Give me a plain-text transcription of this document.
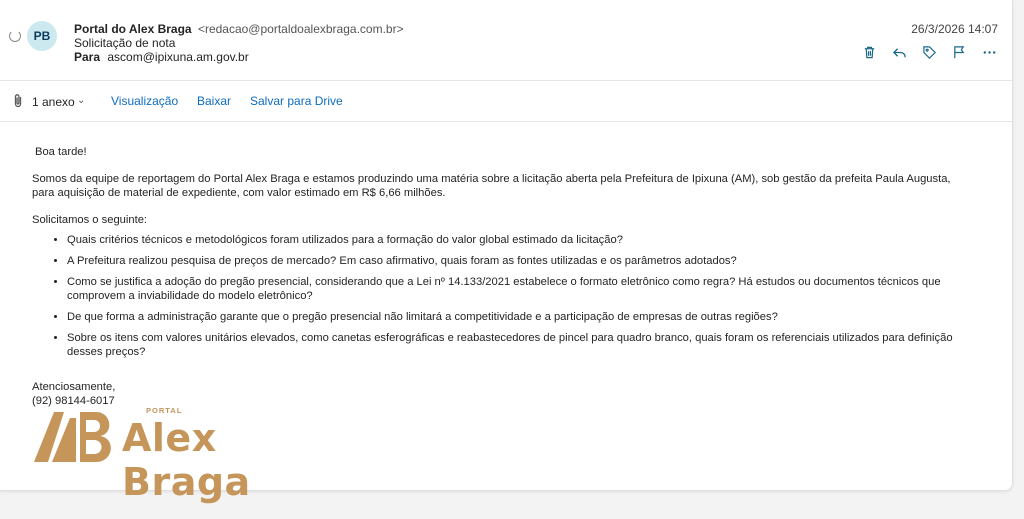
PB	Portal do Alex Braga <redacao@portaldoalexbraga.com.br>
Solicitação de nota
Para ascom@ipixuna.am.gov.br
26/3/2026 14:07
1 anexo ⌄ Visualização Baixar Salvar para Drive

Boa tarde!

Somos da equipe de reportagem do Portal Alex Braga e estamos produzindo uma matéria sobre a licitação aberta pela Prefeitura de Ipixuna (AM), sob gestão da prefeita Paula Augusta, para aquisição de material de expediente, com valor estimado em R$ 6,66 milhões.

Solicitamos o seguinte:

• Quais critérios técnicos e metodológicos foram utilizados para a formação do valor global estimado da licitação?
• A Prefeitura realizou pesquisa de preços de mercado? Em caso afirmativo, quais foram as fontes utilizadas e os parâmetros adotados?
• Como se justifica a adoção do pregão presencial, considerando que a Lei nº 14.133/2021 estabelece o formato eletrônico como regra? Há estudos ou documentos técnicos que comprovem a inviabilidade do modelo eletrônico?
• De que forma a administração garante que o pregão presencial não limitará a competitividade e a participação de empresas de outras regiões?
• Sobre os itens com valores unitários elevados, como canetas esferográficas e reabastecedores de pincel para quadro branco, quais foram os referenciais utilizados para definição desses preços?

Atenciosamente,

(92) 98144-6017

PORTAL
Alex Braga
